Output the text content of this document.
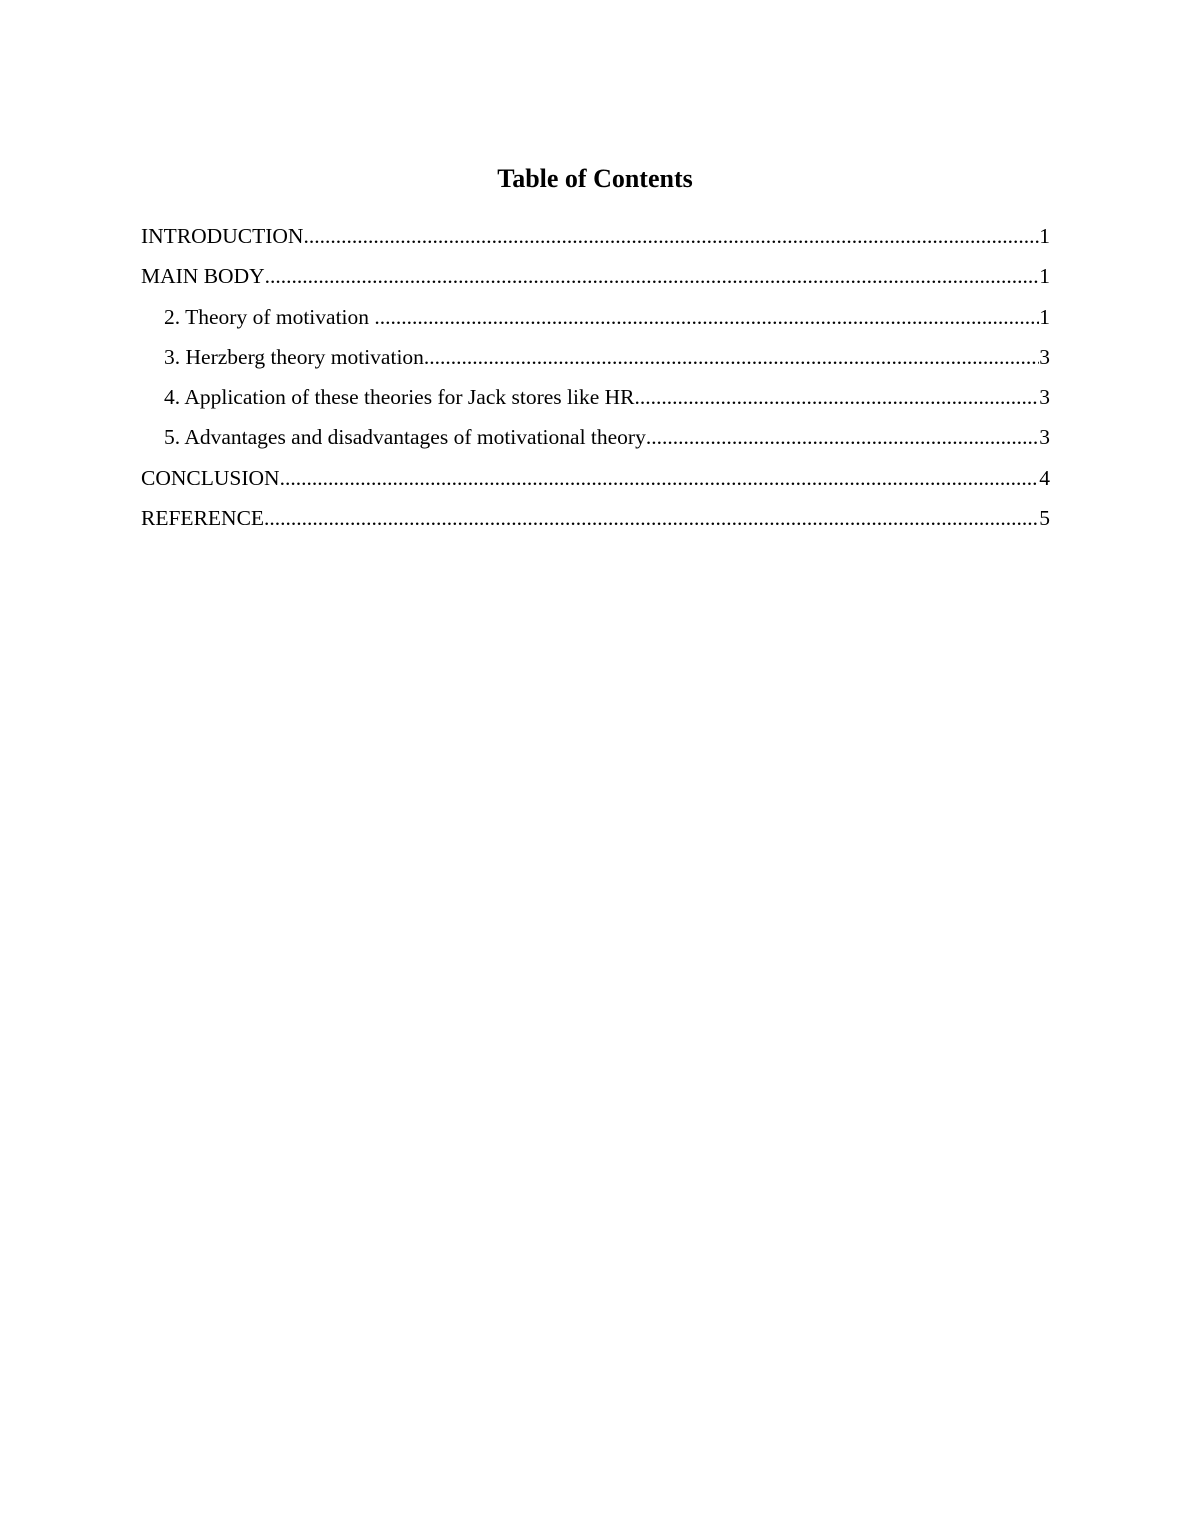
Table of Contents
INTRODUCTION .....	1
MAIN BODY .....	1
2. Theory of motivation .....	1
3. Herzberg theory motivation .....	3
4. Application of these theories for Jack stores like HR .....	3
5. Advantages and disadvantages of motivational theory .....	3
CONCLUSION .....	4
REFERENCE .....	5
